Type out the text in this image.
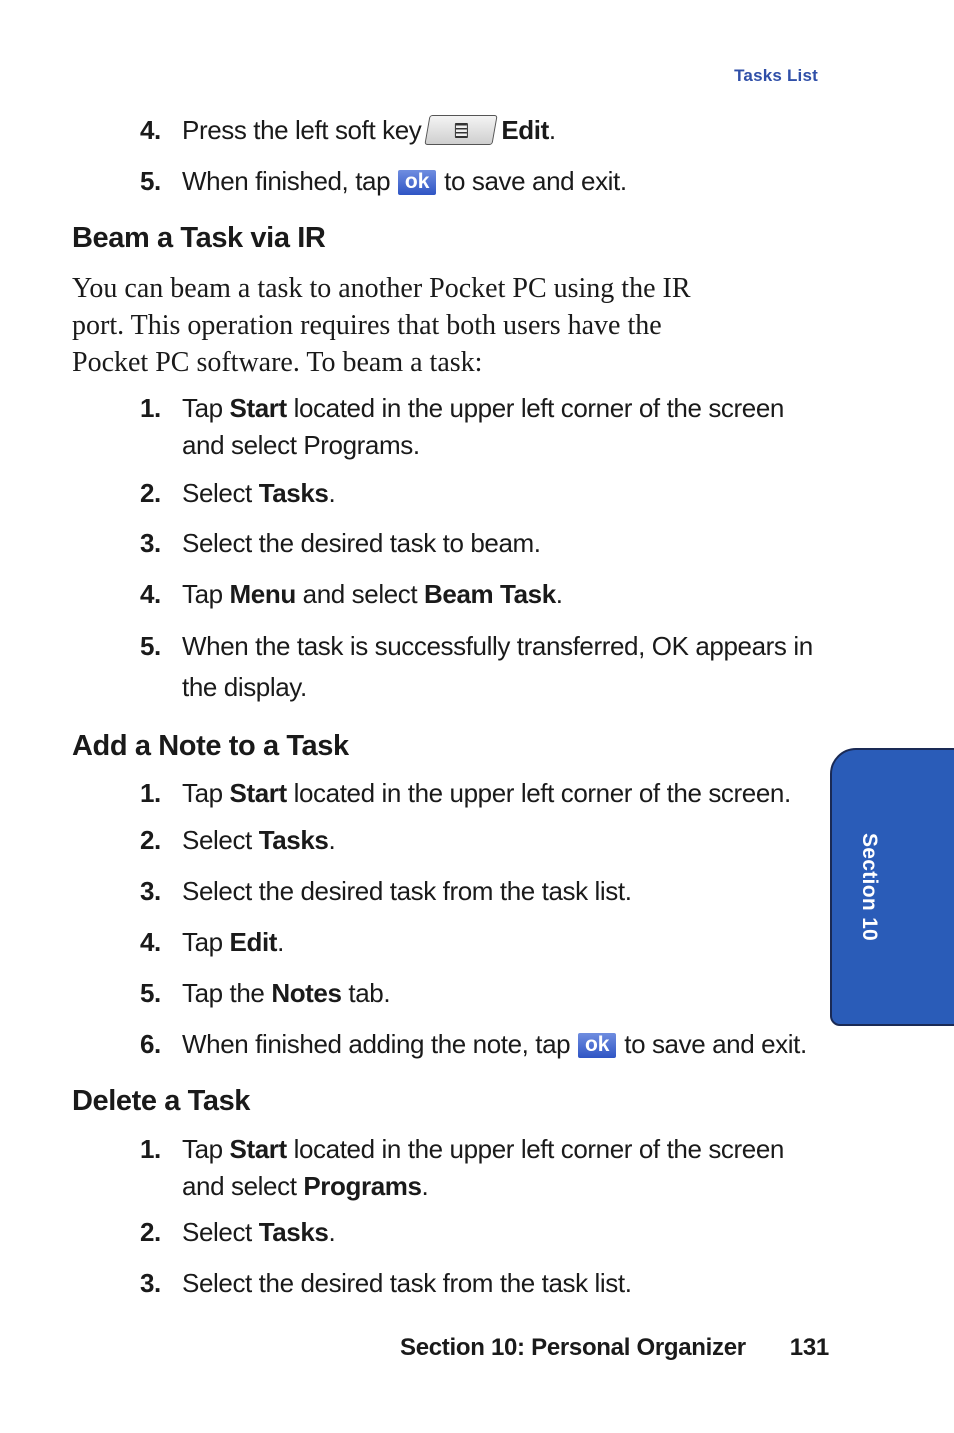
Tasks List
4. Press the left soft key	Edit.
5. When finished, tap ok to save and exit.
Beam a Task via IR
You can beam a task to another Pocket PC using the IR
port. This operation requires that both users have the
Pocket PC software. To beam a task:
1. Tap Start located in the upper left corner of the screen
and select Programs.
2. Select Tasks.
3. Select the desired task to beam.
4. Tap Menu and select Beam Task.
5. When the task is successfully transferred, OK appears in
the display.
Add a Note to a Task
1. Tap Start located in the upper left corner of the screen.
2. Select Tasks.
3. Select the desired task from the task list.
4. Tap Edit.
5. Tap the Notes tab.
6. When finished adding the note, tap ok to save and exit.
Delete a Task
1. Tap Start located in the upper left corner of the screen
and select Programs.
2. Select Tasks.
3. Select the desired task from the task list.
Section 10
Section 10: Personal Organizer 131
